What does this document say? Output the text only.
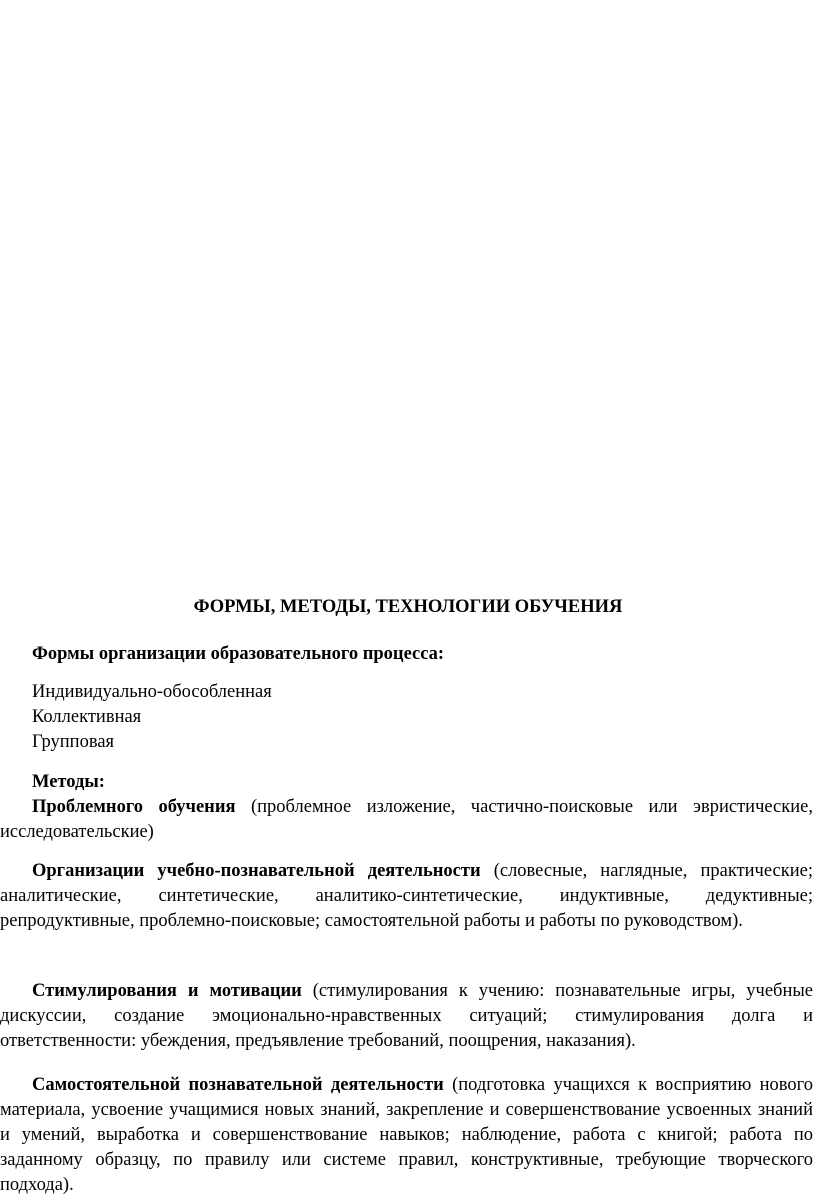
ФОРМЫ, МЕТОДЫ, ТЕХНОЛОГИИ ОБУЧЕНИЯ

Формы организации образовательного процесса:

Индивидуально-обособленная
Коллективная
Групповая

Методы:

Проблемного обучения (проблемное изложение, частично-поисковые или эвристические, исследовательские)

Организации учебно-познавательной деятельности (словесные, наглядные, практические; аналитические, синтетические, аналитико-синтетические, индуктивные, дедуктивные; репродуктивные, проблемно-поисковые; самостоятельной работы и работы по руководством).

Стимулирования и мотивации (стимулирования к учению: познавательные игры, учебные дискуссии, создание эмоционально-нравственных ситуаций; стимулирования долга и ответственности: убеждения, предъявление требований, поощрения, наказания).

Самостоятельной познавательной деятельности (подготовка учащихся к восприятию нового материала, усвоение учащимися новых знаний, закрепление и совершенствование усвоенных знаний и умений, выработка и совершенствование навыков; наблюдение, работа с книгой; работа по заданному образцу, по правилу или системе правил, конструктивные, требующие творческого подхода).
